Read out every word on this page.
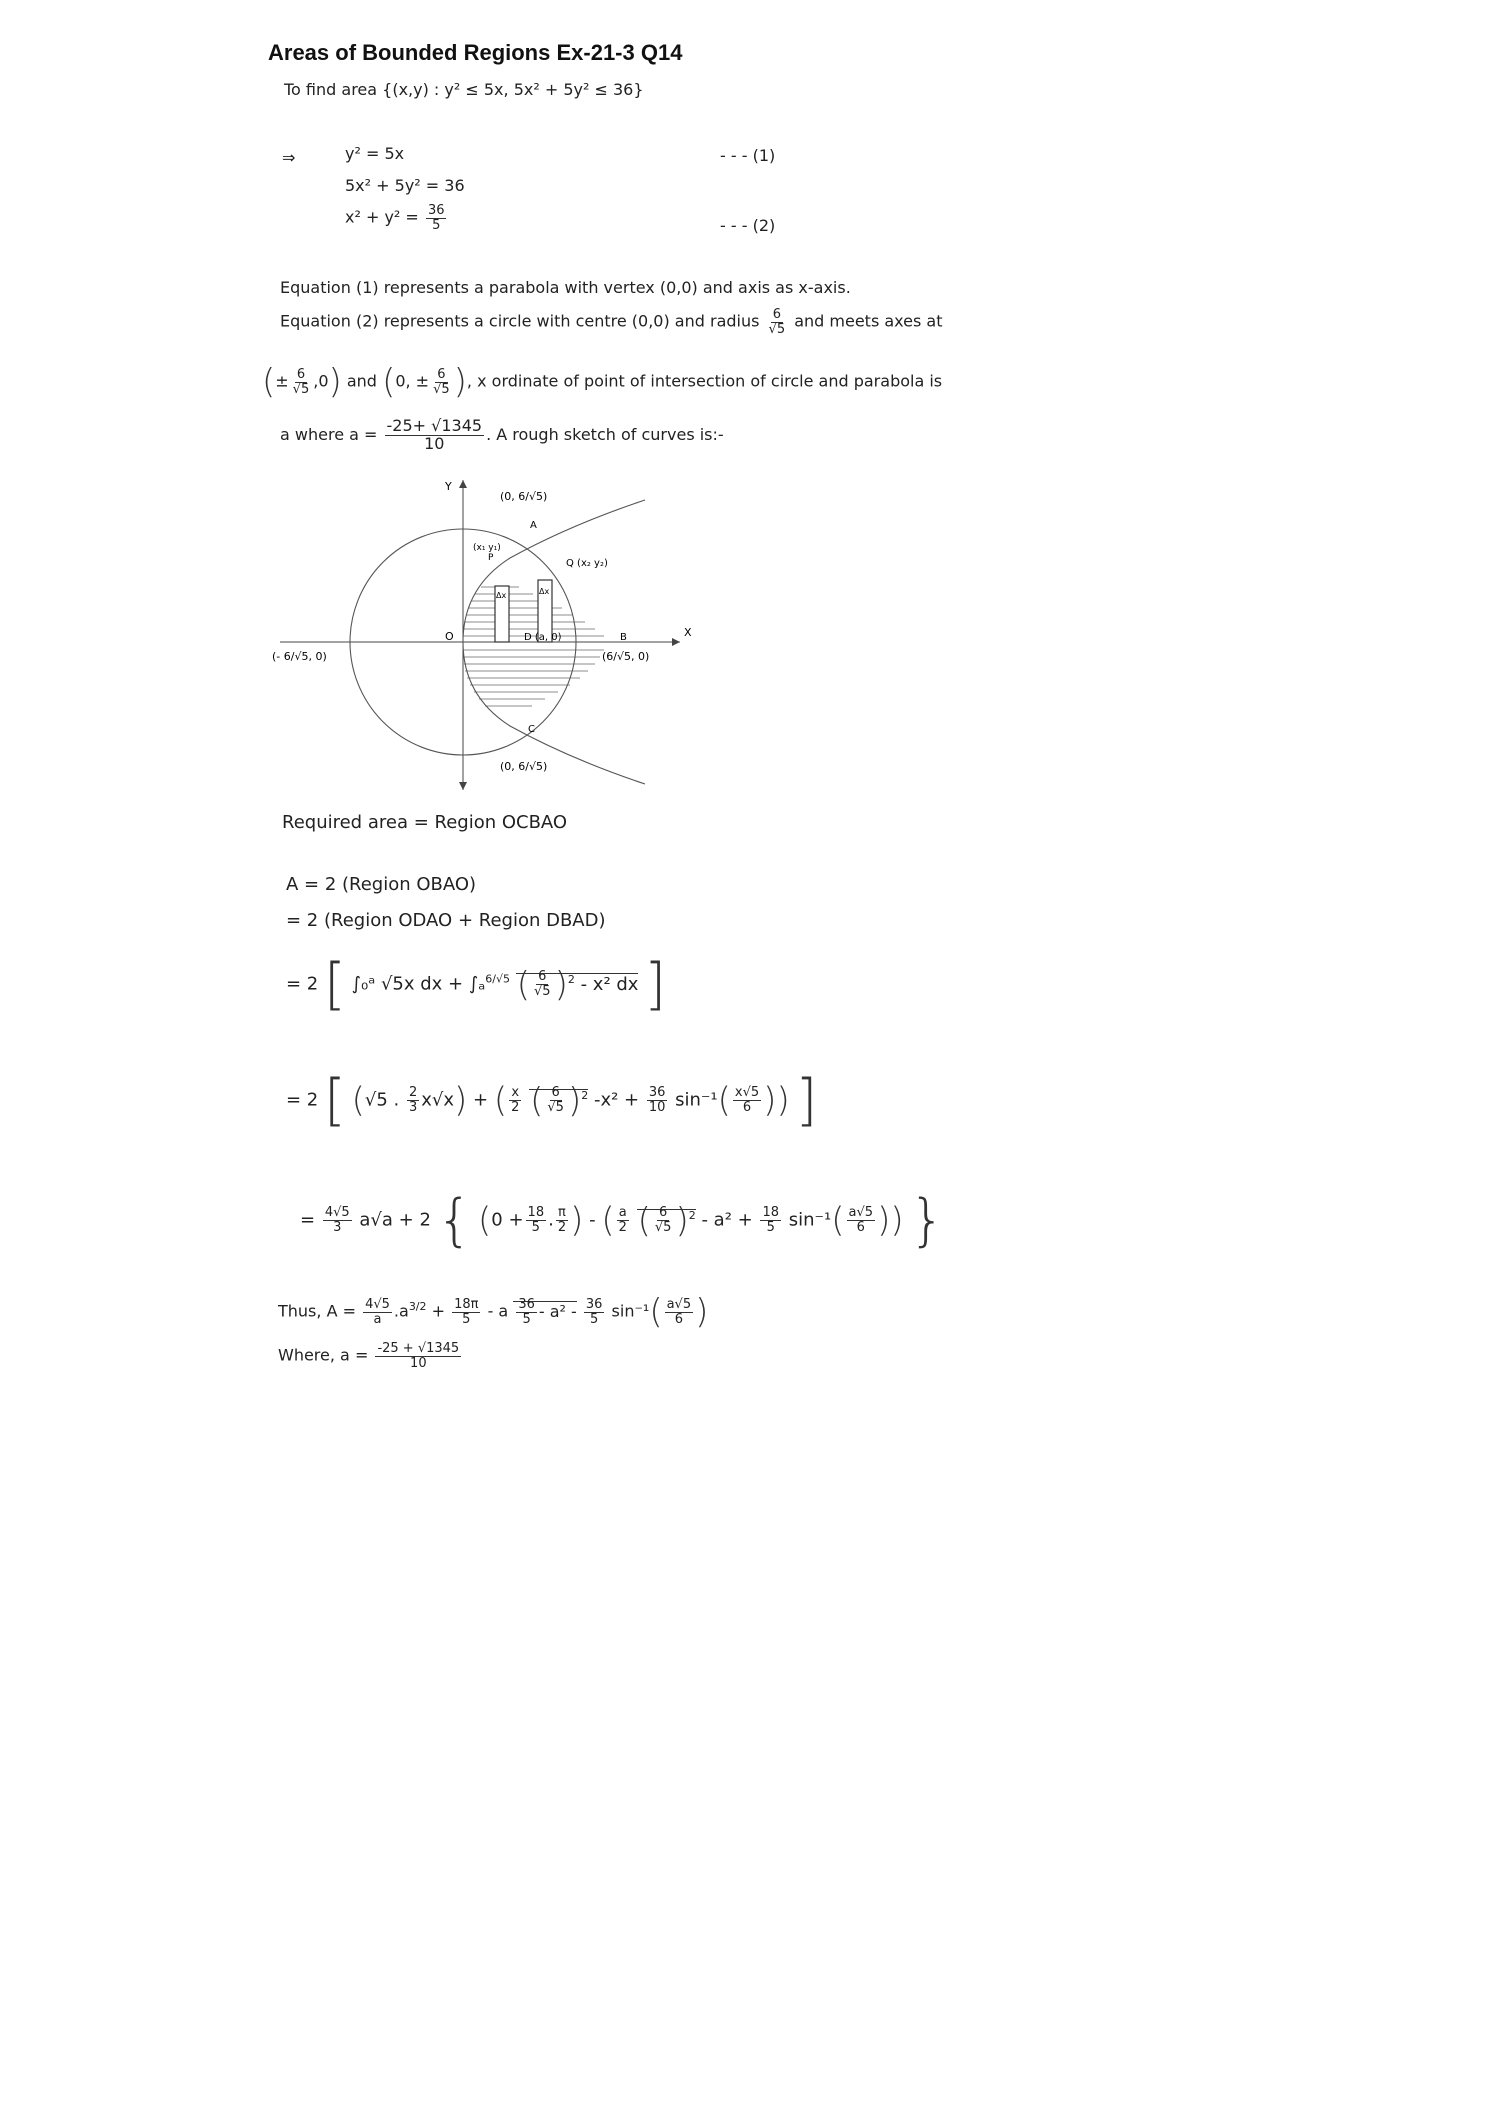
Areas of Bounded Regions Ex-21-3 Q14
To find area {(x,y) : y² ≤ 5x, 5x² + 5y² ≤ 36}
⇒	y² = 5x	- - - (1)
5x² + 5y² = 36
$x^2 + y^2 = \frac{36}{5}$	- - - (2)
Equation (1) represents a parabola with vertex (0,0) and axis as x-axis.
Equation (2) represents a circle with centre (0,0) and radius $\frac{6}{√5}$ and meets axes at
(± $\frac{6}{√5} ,0$) and (0, ± $\frac{6}{√5}$ ), x ordinate of point of intersection of circle and parabola is
a where $a = \frac{-25+ √1345}{10}$ . A rough sketch of curves is:-
Y
X
O
A
B
C
P
(x₁ y₁)
Q (x₂ y₂)
D (a, 0)
Δx	Δx
(0, 6/√5)
(0, 6/√5)
(- 6/√5, 0)	(6/√5, 0)
Required area = Region OCBAO
A = 2 (Region OBAO)
= 2 (Region ODAO + Region DBAD)
= 2 [ ∫₀ᵃ √5x dx + ∫ₐ$^{6/√5}$ ( $\frac{6}{√5} )^2 - x^2$ dx ]
= 2 [ (√5 . $\frac{2}{3} x√x$) + ( $\frac{x}{2}$ ( $\frac{6}{√5} )^2$ $-x^2 + \frac{36}{10} \sin^{-1}( \frac{x√5}{6}$ )) ]
= $\frac{4√5}{3} a√a + 2$ { ($0 + \frac{18}{5}$ . $\frac{\pi}{2}$ ) - ( $\frac{a}{2}$ ( $\frac{6}{√5} )^2 - a^2 + \frac{18}{5} \sin^{-1}( \frac{a√5}{6}$ )) }
Thus, $A = \frac{4√5}{a} .a^{3/2} + \frac{18\pi}{5} - a \frac{36}{5} - a^2 - \frac{36}{5} \sin^{-1}( \frac{a√5}{6}$ )
Where, $a = \frac{-25 + √1345}{10}$
